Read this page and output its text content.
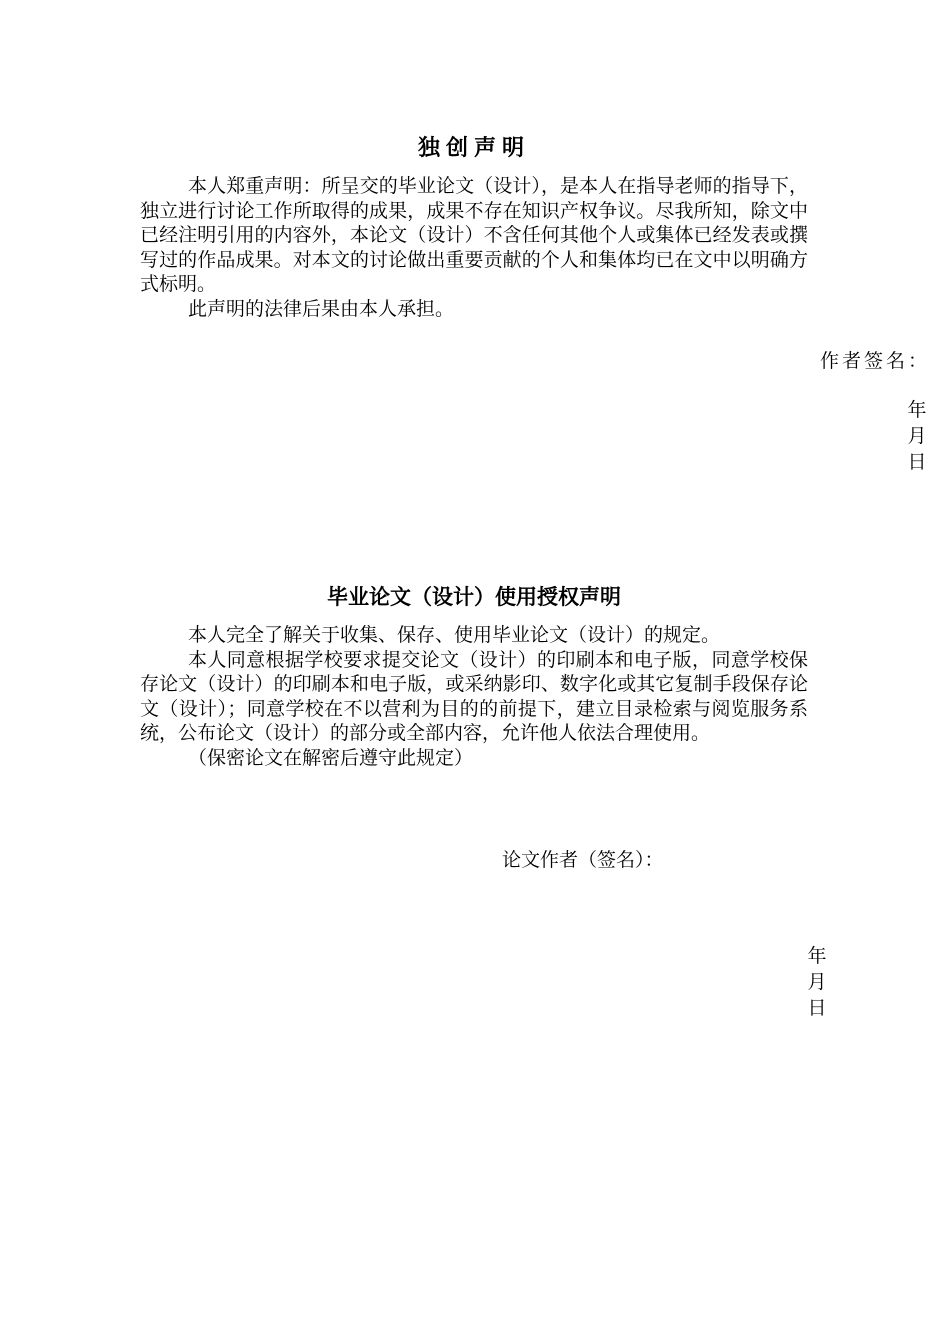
独创声明

本人郑重声明：所呈交的毕业论文（设计），是本人在指导老师的指导下，独立进行讨论工作所取得的成果，成果不存在知识产权争议。尽我所知，除文中已经注明引用的内容外，本论文（设计）不含任何其他个人或集体已经发表或撰写过的作品成果。对本文的讨论做出重要贡献的个人和集体均已在文中以明确方式标明。

此声明的法律后果由本人承担。

作者签名：
年
月
日
毕业论文（设计）使用授权声明

本人完全了解关于收集、保存、使用毕业论文（设计）的规定。

本人同意根据学校要求提交论文（设计）的印刷本和电子版，同意学校保存论文（设计）的印刷本和电子版，或采纳影印、数字化或其它复制手段保存论文（设计）；同意学校在不以营利为目的的前提下，建立目录检索与阅览服务系统，公布论文（设计）的部分或全部内容，允许他人依法合理使用。

（保密论文在解密后遵守此规定）

论文作者（签名）：
年
月
日
